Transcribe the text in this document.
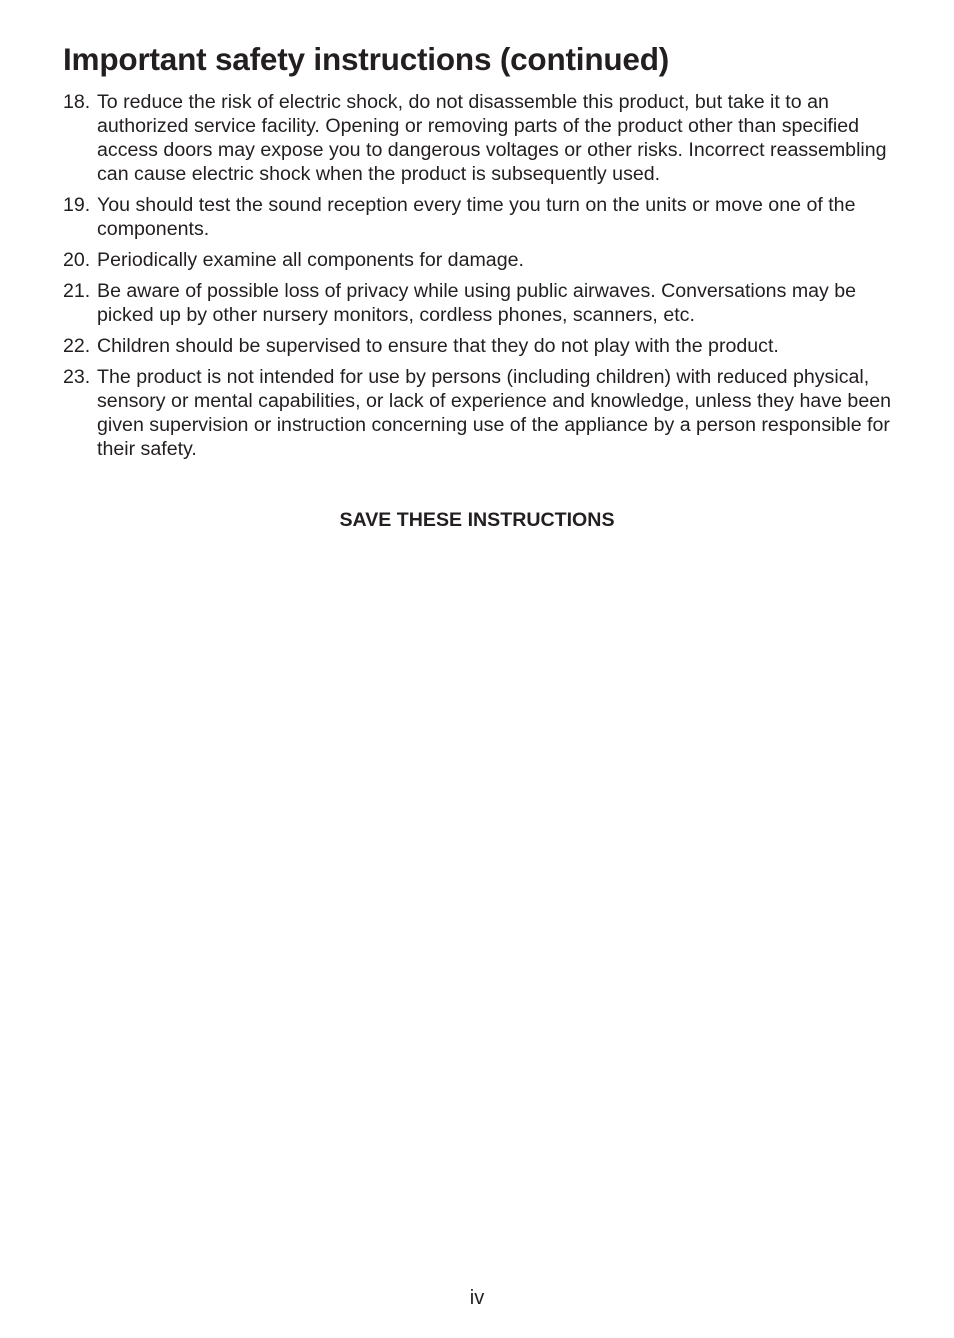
Important safety instructions (continued)
18. To reduce the risk of electric shock, do not disassemble this product, but take it to an authorized service facility. Opening or removing parts of the product other than specified access doors may expose you to dangerous voltages or other risks. Incorrect reassembling can cause electric shock when the product is subsequently used.
19. You should test the sound reception every time you turn on the units or move one of the components.
20. Periodically examine all components for damage.
21. Be aware of possible loss of privacy while using public airwaves. Conversations may be picked up by other nursery monitors, cordless phones, scanners, etc.
22. Children should be supervised to ensure that they do not play with the product.
23. The product is not intended for use by persons (including children) with reduced physical, sensory or mental capabilities, or lack of experience and knowledge, unless they have been given supervision or instruction concerning use of the appliance by a person responsible for their safety.
SAVE THESE INSTRUCTIONS
iv
